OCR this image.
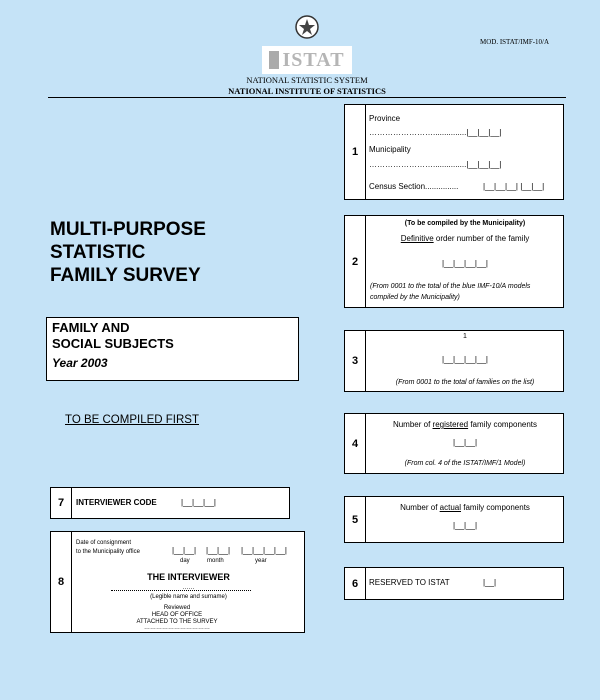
ISTAT
MOD. ISTAT/IMF-10/A
NATIONAL STATISTIC SYSTEM
NATIONAL INSTITUTE OF STATISTICS
MULTI-PURPOSE
STATISTIC
FAMILY SURVEY
FAMILY AND
SOCIAL SUBJECTS
Year 2003
TO BE COMPILED FIRST
1
Province
……………………...............|__|__|__|
Municipality
……………………...............|__|__|__|
Census Section...............	|__|__|__| |__|__|
2
(To be compiled by the Municipality)
Definitive order number of the family
|__|__|__|__|
(From 0001 to the total of the blue IMF-10/A models compiled by the Municipality)
3
1
|__|__|__|__|
(From 0001 to the total of families on the list)
4
Number of registered family components
|__|__|
(From col. 4 of the ISTAT/IMF/1 Model)
5
Number of actual family components
|__|__|
6	RESERVED TO ISTAT	|__|
7	INTERVIEWER CODE	|__|__|__|
8
Date of consignment
to the Municipality office	|__|__| |__|__| |__|__|__|__|
day	month	year
THE INTERVIEWER
……
(Legible name and surname)
Reviewed
HEAD OF OFFICE
ATTACHED TO THE SURVEY
……………………………
